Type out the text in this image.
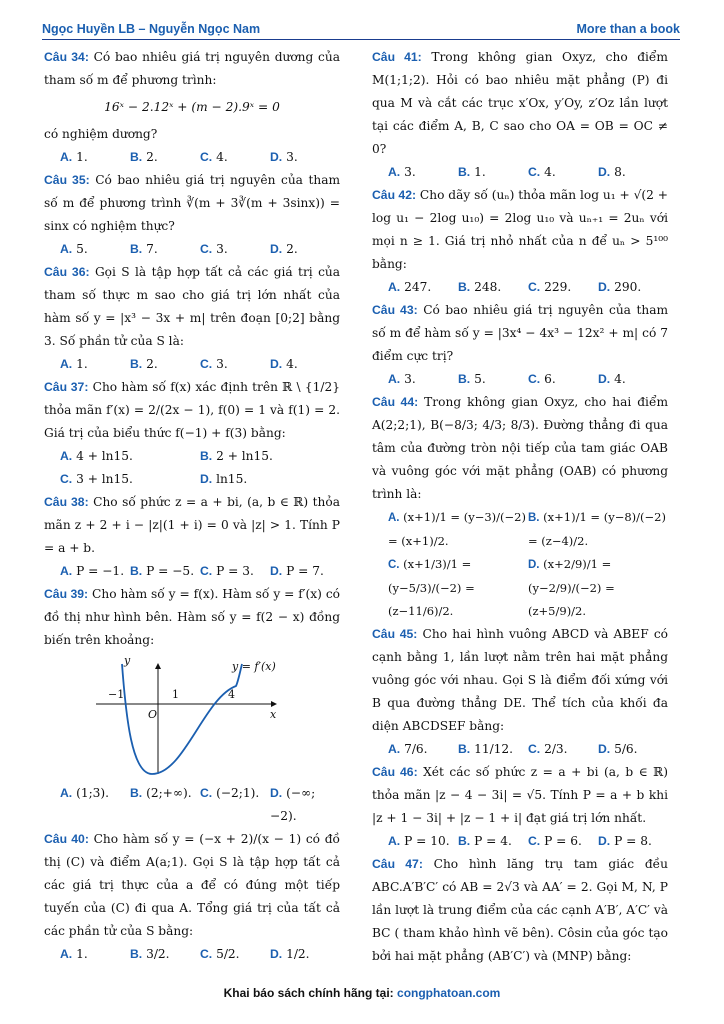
Ngọc Huyền LB – Nguyễn Ngọc Nam	More than a book

Câu 34: Có bao nhiêu giá trị nguyên dương của tham số m để phương trình:

16ˣ − 2.12ˣ + (m − 2).9ˣ = 0

có nghiệm dương?

A. 1.	B. 2.	C. 4.	D. 3.

Câu 35: Có bao nhiêu giá trị nguyên của tham số m để phương trình ∛(m + 3∛(m + 3sinx)) = sinx có nghiệm thực?

A. 5.	B. 7.	C. 3.	D. 2.

Câu 36: Gọi S là tập hợp tất cả các giá trị của tham số thực m sao cho giá trị lớn nhất của hàm số y = |x³ − 3x + m| trên đoạn [0;2] bằng 3. Số phần tử của S là:

A. 1.	B. 2.	C. 3.	D. 4.

Câu 37: Cho hàm số f(x) xác định trên ℝ \ {1/2} thỏa mãn f′(x) = 2/(2x − 1), f(0) = 1 và f(1) = 2. Giá trị của biểu thức f(−1) + f(3) bằng:

A. 4 + ln15.	B. 2 + ln15.
C. 3 + ln15.	D. ln15.

Câu 38: Cho số phức z = a + bi, (a, b ∈ ℝ) thỏa mãn z + 2 + i − |z|(1 + i) = 0 và |z| > 1. Tính P = a + b.

A. P = −1. B. P = −5. C. P = 3.	D. P = 7.

Câu 39: Cho hàm số y = f(x). Hàm số y = f′(x) có đồ thị như hình bên. Hàm số y = f(2 − x) đồng biến trên khoảng:

y
x
O
−1	1	4
y = f′(x)
A. (1;3).	B. (2;+∞). C. (−2;1). D. (−∞;−2).

Câu 40: Cho hàm số y = (−x + 2)/(x − 1) có đồ thị (C) và điểm A(a;1). Gọi S là tập hợp tất cả các giá trị thực của a để có đúng một tiếp tuyến của (C) đi qua A. Tổng giá trị của tất cả các phần tử của S bằng:

A. 1.	B. 3/2.	C. 5/2.	D. 1/2.

Câu 41: Trong không gian Oxyz, cho điểm M(1;1;2). Hỏi có bao nhiêu mặt phẳng (P) đi qua M và cắt các trục x′Ox, y′Oy, z′Oz lần lượt tại các điểm A, B, C sao cho OA = OB = OC ≠ 0?

A. 3.	B. 1.	C. 4.	D. 8.

Câu 42: Cho dãy số (uₙ) thỏa mãn log u₁ + √(2 + log u₁ − 2log u₁₀) = 2log u₁₀ và uₙ₊₁ = 2uₙ với mọi n ≥ 1. Giá trị nhỏ nhất của n để uₙ > 5¹⁰⁰ bằng:

A. 247.	B. 248.	C. 229.	D. 290.

Câu 43: Có bao nhiêu giá trị nguyên của tham số m để hàm số y = |3x⁴ − 4x³ − 12x² + m| có 7 điểm cực trị?

A. 3.	B. 5.	C. 6.	D. 4.

Câu 44: Trong không gian Oxyz, cho hai điểm A(2;2;1), B(−8/3; 4/3; 8/3). Đường thẳng đi qua tâm của đường tròn nội tiếp của tam giác OAB và vuông góc với mặt phẳng (OAB) có phương trình là:

A. (x+1)/1 = (y−3)/(−2) = (x+1)/2.
B. (x+1)/1 = (y−8)/(−2) = (z−4)/2.
C. (x+1/3)/1 = (y−5/3)/(−2) = (z−11/6)/2.
D. (x+2/9)/1 = (y−2/9)/(−2) = (z+5/9)/2.

Câu 45: Cho hai hình vuông ABCD và ABEF có cạnh bằng 1, lần lượt nằm trên hai mặt phẳng vuông góc với nhau. Gọi S là điểm đối xứng với B qua đường thẳng DE. Thể tích của khối đa diện ABCDSEF bằng:

A. 7/6.	B. 11/12.	C. 2/3.	D. 5/6.

Câu 46: Xét các số phức z = a + bi (a, b ∈ ℝ) thỏa mãn |z − 4 − 3i| = √5. Tính P = a + b khi |z + 1 − 3i| + |z − 1 + i| đạt giá trị lớn nhất.

A. P = 10. B. P = 4.	C. P = 6.	D. P = 8.

Câu 47: Cho hình lăng trụ tam giác đều ABC.A′B′C′ có AB = 2√3 và AA′ = 2. Gọi M, N, P lần lượt là trung điểm của các cạnh A′B′, A′C′ và BC ( tham khảo hình vẽ bên). Côsin của góc tạo bởi hai mặt phẳng (AB′C′) và (MNP) bằng:

Khai báo sách chính hãng tại: congphatoan.com
